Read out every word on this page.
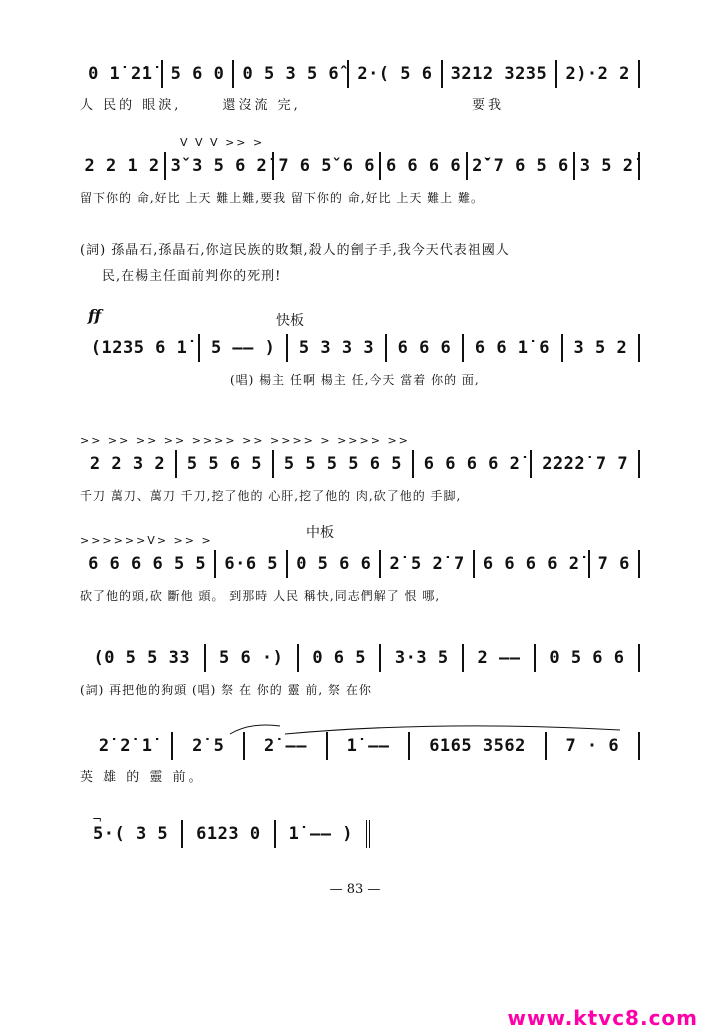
0 1̇ 2̇1̇	5 6 0	0 5 3 5 6̂	2·( 5 6	3212 3235	2)·2 2
人 民的 眼淚,	還沒流 完,	要我
V V V >> >
2 2 1 2 3̌ 3 5 6 2̇ 7 6 5̌ 6 6 6 6 6 6 2̇̌ 7 6 5 6 3 5 2̇
留下你的 命,好比 上天 難上難,要我 留下你的 命,好比 上天 難上 難。
(詞) 孫晶石,孫晶石,你這民族的敗類,殺人的劊子手,我今天代表祖國人
民,在楊主任面前判你的死刑!
ff	快板
(1235 6 1̇	5 —— )	5 3 3 3	6 6 6	6 6 1̇ 6	3 5 2
(唱) 楊主 任啊 楊主 任,今天 當着 你的 面,
>> >> >> >> >>>> >> >>>> > >>>> >>
2 2 3 2	5 5 6 5	5 5 5 5 6 5	6 6 6 6 2̇	2̇2̇2̇2̇ 7 7
千刀 萬刀、萬刀 千刀,挖了他的 心肝,挖了他的 肉,砍了他的 手脚,
中板
>>>>>>V> >> >
6 6 6 6 5 5	6·6 5	0 5 6 6	2̇ 5 2̇ 7	6 6 6 6 2̇	7 6
砍了他的頭,砍 斷他 頭。 到那時 人民 稱快,同志們解了 恨 哪,
(0 5 5 33	5 6 ·)	0 6 5	3·3 5	2 ——	0 5 6 6
(詞) 再把他的狗頭 (唱) 祭 在 你的 靈 前, 祭 在你
2̇ 2̇ 1̇	2̇ 5	2̇ ——	1̇ ——	6165 3562	7 · 6
英 雄 的 靈 前。
¬
5·( 3 5	6123 0	1̇ —— )
— 83 —
www.ktvc8.com
